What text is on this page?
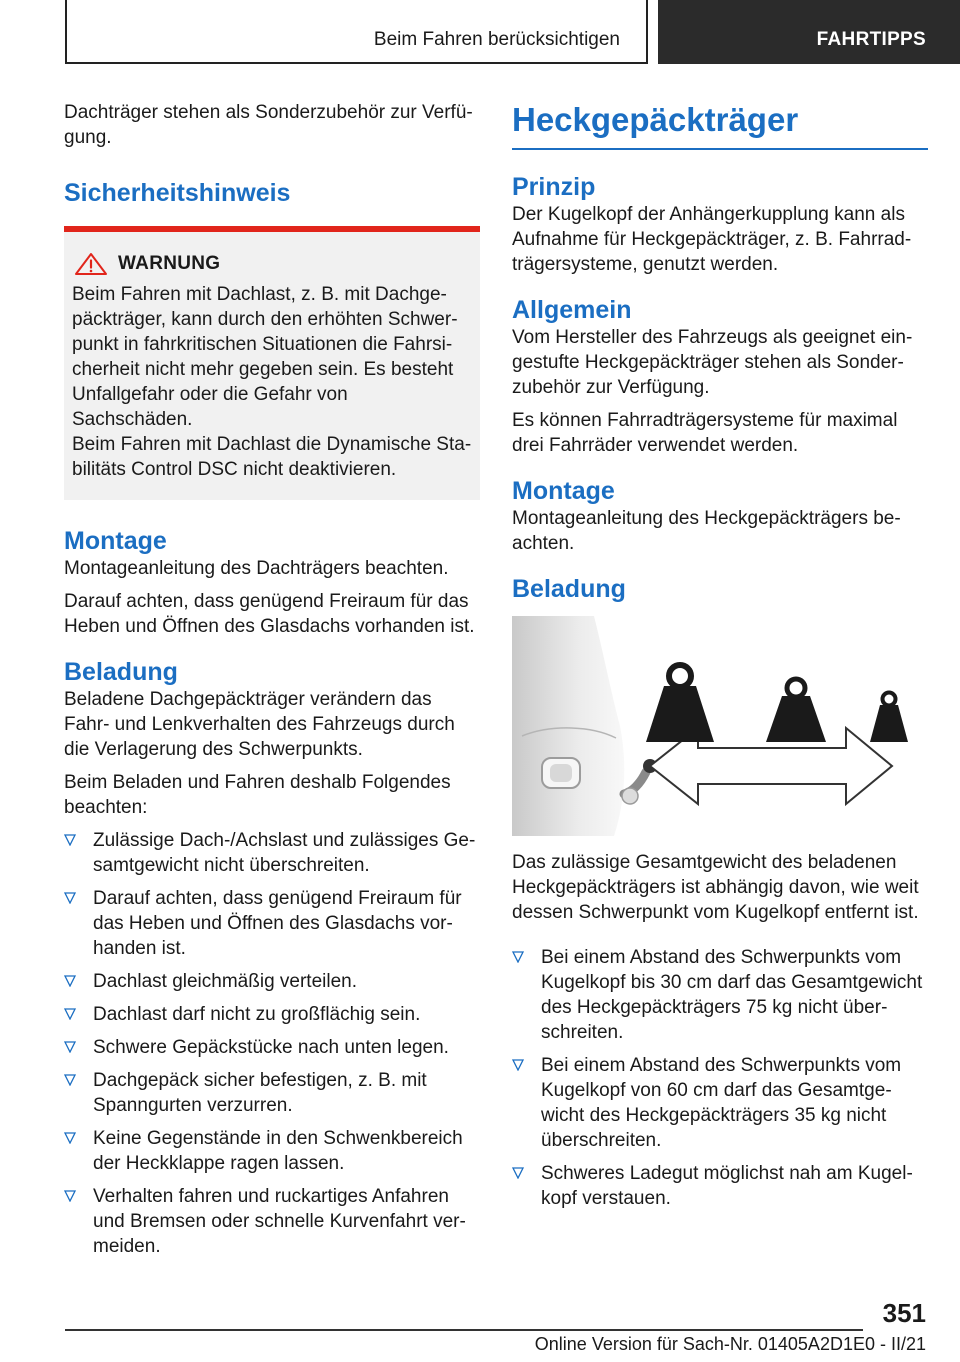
Beim Fahren berücksichtigen	FAHRTIPPS

Dachträger stehen als Sonderzubehör zur Verfügung.

Sicherheitshinweis
WARNUNG

Beim Fahren mit Dachlast, z. B. mit Dachgepäckträger, kann durch den erhöhten Schwerpunkt in fahrkritischen Situationen die Fahrsicherheit nicht mehr gegeben sein. Es besteht Unfallgefahr oder die Gefahr von Sachschäden.

Beim Fahren mit Dachlast die Dynamische Stabilitäts Control DSC nicht deaktivieren.

Montage

Montageanleitung des Dachträgers beachten.

Darauf achten, dass genügend Freiraum für das Heben und Öffnen des Glasdachs vorhanden ist.

Beladung

Beladene Dachgepäckträger verändern das Fahr- und Lenkverhalten des Fahrzeugs durch die Verlagerung des Schwerpunkts.

Beim Beladen und Fahren deshalb Folgendes beachten:

Zulässige Dach-/Achslast und zulässiges Gesamtgewicht nicht überschreiten.
Darauf achten, dass genügend Freiraum für das Heben und Öffnen des Glasdachs vorhanden ist.
Dachlast gleichmäßig verteilen.
Dachlast darf nicht zu großflächig sein.
Schwere Gepäckstücke nach unten legen.
Dachgepäck sicher befestigen, z. B. mit Spanngurten verzurren.
Keine Gegenstände in den Schwenkbereich der Heckklappe ragen lassen.
Verhalten fahren und ruckartiges Anfahren und Bremsen oder schnelle Kurvenfahrt vermeiden.
Heckgepäckträger
Prinzip

Der Kugelkopf der Anhängerkupplung kann als Aufnahme für Heckgepäckträger, z. B. Fahrradträgersysteme, genutzt werden.

Allgemein

Vom Hersteller des Fahrzeugs als geeignet eingestufte Heckgepäckträger stehen als Sonderzubehör zur Verfügung.

Es können Fahrradträgersysteme für maximal drei Fahrräder verwendet werden.

Montage

Montageanleitung des Heckgepäckträgers beachten.

Beladung

Das zulässige Gesamtgewicht des beladenen Heckgepäckträgers ist abhängig davon, wie weit dessen Schwerpunkt vom Kugelkopf entfernt ist.

Bei einem Abstand des Schwerpunkts vom Kugelkopf bis 30 cm darf das Gesamtgewicht des Heckgepäckträgers 75 kg nicht überschreiten.
Bei einem Abstand des Schwerpunkts vom Kugelkopf von 60 cm darf das Gesamtgewicht des Heckgepäckträgers 35 kg nicht überschreiten.
Schweres Ladegut möglichst nah am Kugelkopf verstauen.
351
Online Version für Sach-Nr. 01405A2D1E0 - II/21
